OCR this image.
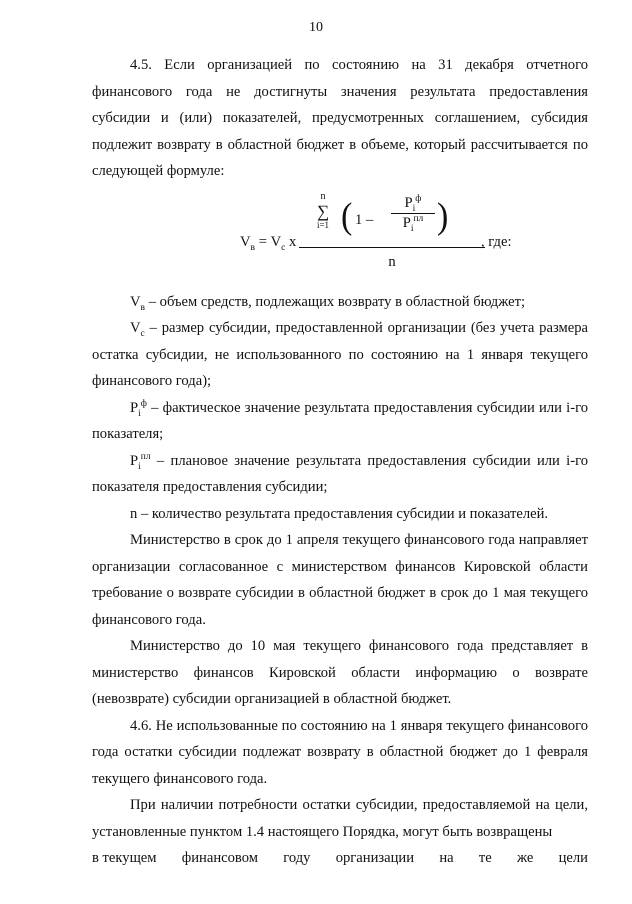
10

4.5. Если организацией по состоянию на 31 декабря отчетного финансового года не достигнуты значения результата предоставления субсидии и (или) показателей, предусмотренных соглашением, субсидия подлежит возврату в областной бюджет в объеме, который рассчитывается по следующей формуле:

$V_в = V_с$ х
n
∑
i=1 ( 1 –
$P_i^ф$
$P_i^{пл}$ )
n
, где:

$V_в$ – объем средств, подлежащих возврату в областной бюджет;

$V_с$ – размер субсидии, предоставленной организации (без учета размера остатка субсидии, не использованного по состоянию на 1 января текущего финансового года);

$P_i^ф$ – фактическое значение результата предоставления субсидии или i-го показателя;

$P_i^{пл}$ – плановое значение результата предоставления субсидии или i-го показателя предоставления субсидии;

n – количество результата предоставления субсидии и показателей.

Министерство в срок до 1 апреля текущего финансового года направляет организации согласованное с министерством финансов Кировской области требование о возврате субсидии в областной бюджет в срок до 1 мая текущего финансового года.

Министерство до 10 мая текущего финансового года представляет в министерство финансов Кировской области информацию о возврате (невозврате) субсидии организацией в областной бюджет.

4.6. Не использованные по состоянию на 1 января текущего финансового года остатки субсидии подлежат возврату в областной бюджет до 1 февраля текущего финансового года.

При наличии потребности остатки субсидии, предоставляемой на цели, установленные пунктом 1.4 настоящего Порядка, могут быть возвращены

в текущем финансовом году организации на те же цели
